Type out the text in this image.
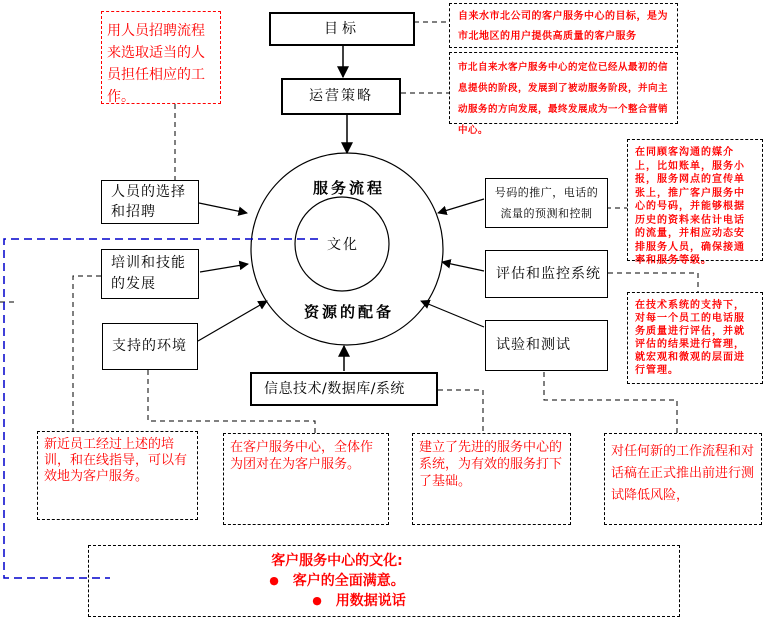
目标
运营策略
人员的选择
和招聘
培训和技能
的发展
支持的环境
号码的推广，电话的
流量的预测和控制
评估和监控系统
试验和测试
信息技术/数据库/系统
服务流程
文化
资源的配备
用人员招聘流程来选取适当的人员担任相应的工作。
自来水市北公司的客户服务中心的目标，是为市北地区的用户提供高质量的客户服务
市北自来水客户服务中心的定位已经从最初的信息提供的阶段，发展到了被动服务阶段，并向主动服务的方向发展，最终发展成为一个整合营销中心。
在同顾客沟通的媒介上，比如账单，服务小报，服务网点的宣传单张上，推广客户服务中心的号码，并能够根据历史的资料来估计电话的流量，并相应动态安排服务人员，确保接通率和服务等级。
在技术系统的支持下，对每一个员工的电话服务质量进行评估，并就评估的结果进行管理，就宏观和微观的层面进行管理。
新近员工经过上述的培训，和在线指导，可以有效地为客户服务。
在客户服务中心，全体作为团对在为客户服务。
建立了先进的服务中心的系统，为有效的服务打下了基础。
对任何新的工作流程和对话稿在正式推出前进行测试降低风险，
客户服务中心的文化:
● 客户的全面满意。
● 用数据说话
